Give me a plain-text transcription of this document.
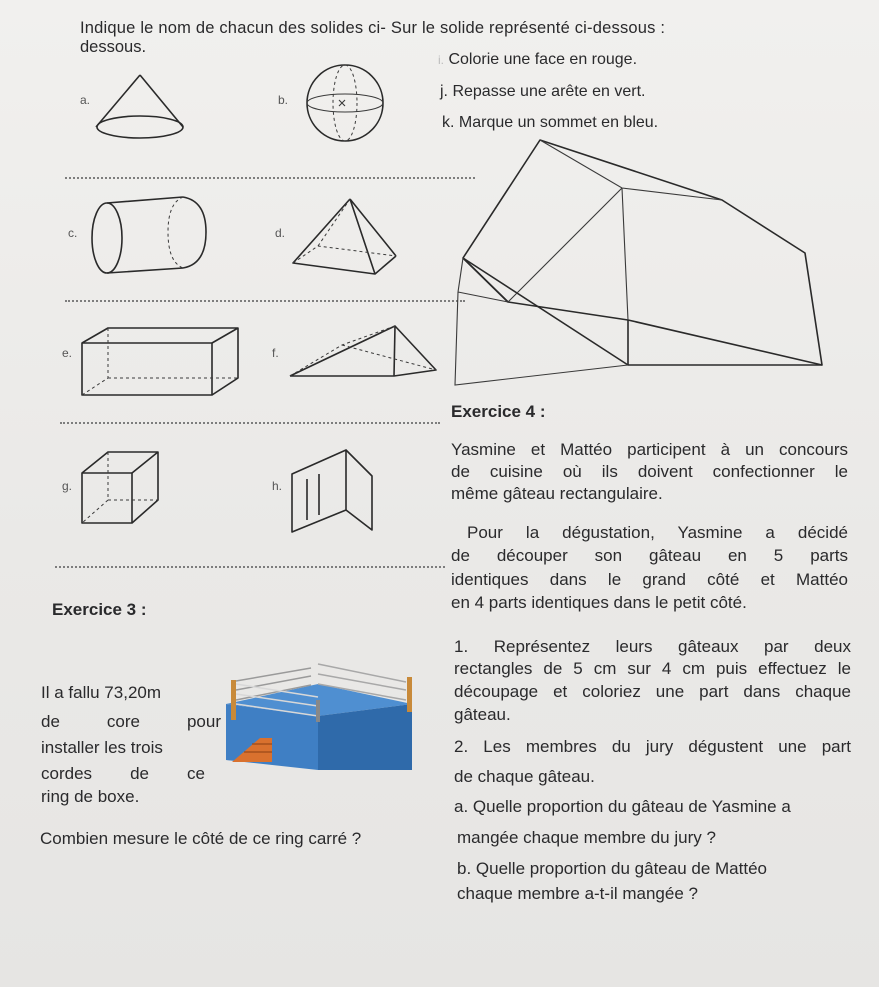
Indique le nom de chacun des solides ci- Sur le solide représenté ci-dessous :
dessous.
i. Colorie une face en rouge.
j. Repasse une arête en vert.
k. Marque un sommet en bleu.
a.	b.
c.	d.
e.	f.
g.	h.
Exercice 4 :
Yasmine et Mattéo participent à un concours
de cuisine où ils doivent confectionner le
même gâteau rectangulaire.
Pour la dégustation, Yasmine a décidé
de découper son gâteau en 5 parts
identiques dans le grand côté et Mattéo
en 4 parts identiques dans le petit côté.
1. Représentez leurs gâteaux par deux
rectangles de 5 cm sur 4 cm puis effectuez le
découpage et coloriez une part dans chaque
gâteau.
2. Les membres du jury dégustent une part
de chaque gâteau.
a. Quelle proportion du gâteau de Yasmine a
mangée chaque membre du jury ?
b. Quelle proportion du gâteau de Mattéo
chaque membre a-t-il mangée ?
Exercice 3 :
Il a fallu 73,20m
de core pour
installer les trois
cordes de ce
ring de boxe.
Combien mesure le côté de ce ring carré ?
